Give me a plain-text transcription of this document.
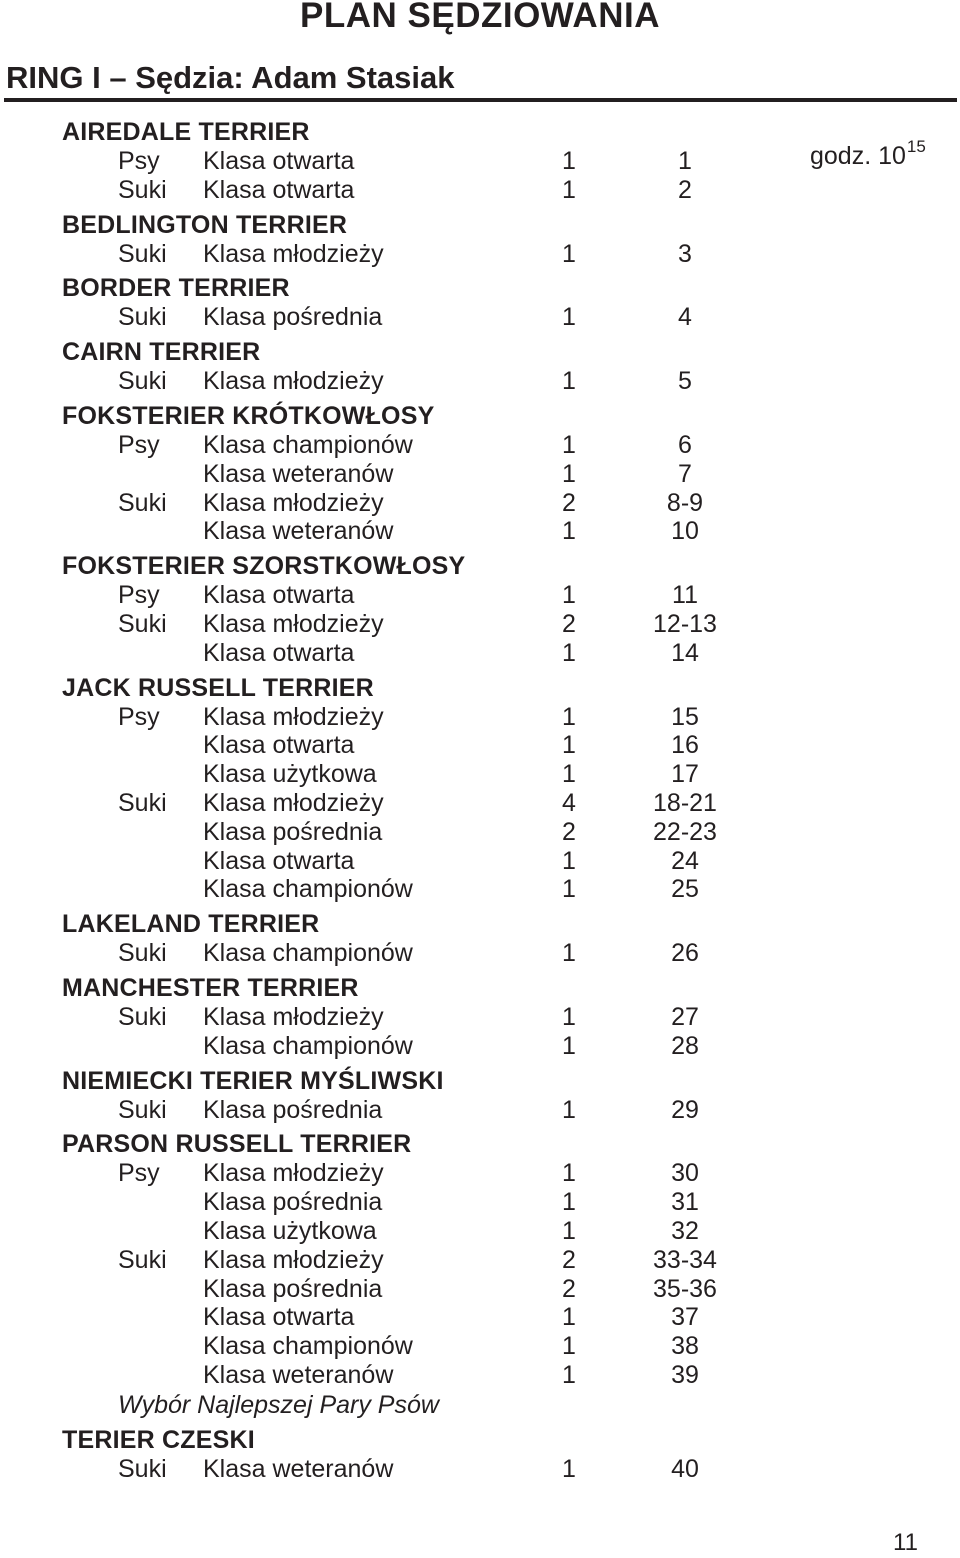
PLAN SĘDZIOWANIA
RING I – Sędzia: Adam Stasiak
godz. $10^{15}$
AIREDALE TERRIER
Psy Klasa otwarta	1	1
Suki Klasa otwarta	1	2
BEDLINGTON TERRIER
Suki Klasa młodzieży	1	3
BORDER TERRIER
Suki Klasa pośrednia	1	4
CAIRN TERRIER
Suki Klasa młodzieży	1	5
FOKSTERIER KRÓTKOWŁOSY
Psy Klasa championów	1	6
Klasa weteranów	1	7
Suki Klasa młodzieży	2	8-9
Klasa weteranów	1	10
FOKSTERIER SZORSTKOWŁOSY
Psy Klasa otwarta	1	11
Suki Klasa młodzieży	2	12-13
Klasa otwarta	1	14
JACK RUSSELL TERRIER
Psy Klasa młodzieży	1	15
Klasa otwarta	1	16
Klasa użytkowa	1	17
Suki Klasa młodzieży	4	18-21
Klasa pośrednia	2	22-23
Klasa otwarta	1	24
Klasa championów	1	25
LAKELAND TERRIER
Suki Klasa championów	1	26
MANCHESTER TERRIER
Suki Klasa młodzieży	1	27
Klasa championów	1	28
NIEMIECKI TERIER MYŚLIWSKI
Suki Klasa pośrednia	1	29
PARSON RUSSELL TERRIER
Psy Klasa młodzieży	1	30
Klasa pośrednia	1	31
Klasa użytkowa	1	32
Suki Klasa młodzieży	2	33-34
Klasa pośrednia	2	35-36
Klasa otwarta	1	37
Klasa championów	1	38
Klasa weteranów	1	39
Wybór Najlepszej Pary Psów
TERIER CZESKI
Suki Klasa weteranów	1	40
11
